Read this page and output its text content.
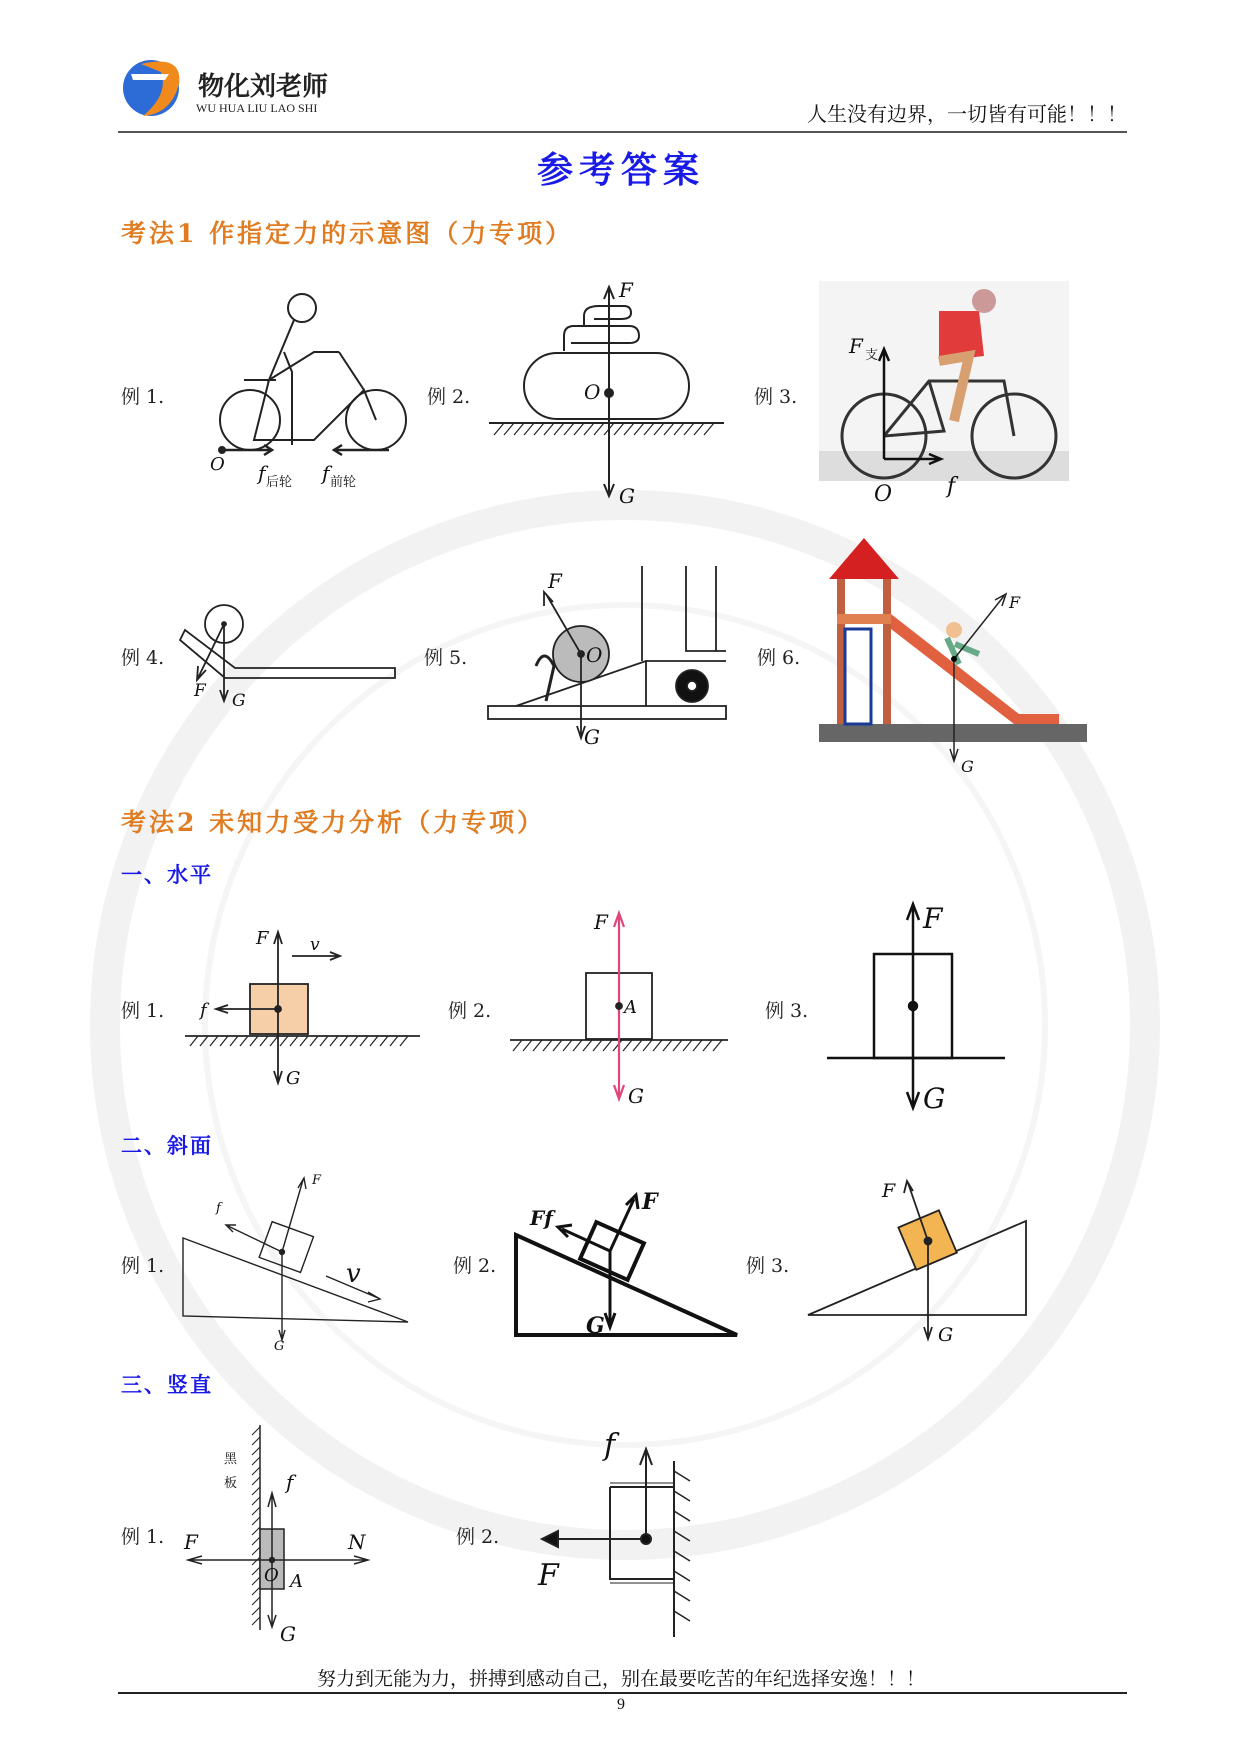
物化刘老师
WU HUA LIU LAO SHI	人生没有边界，一切皆有可能！！！
参考答案
考法1 作指定力的示意图（力专项）
例 1.
O f 后轮 f 前轮
例 2.
F
O
G
例 3.
F 支
O f
例 4.
F G
例 5.
F
O
G
例 6.
F
G
考法2 未知力受力分析（力专项）
一、水平
例 1.
F v
f
G
例 2.
F
A
G
例 3.
F
G
二、斜面
例 1.
F
f
v
G
例 2.
F
Ff
G
例 3.
F
G
三、竖直
例 1.
黑
板 f
F	N
O A
G
例 2.
f
F
努力到无能为力，拼搏到感动自己，别在最要吃苦的年纪选择安逸！！！
9
